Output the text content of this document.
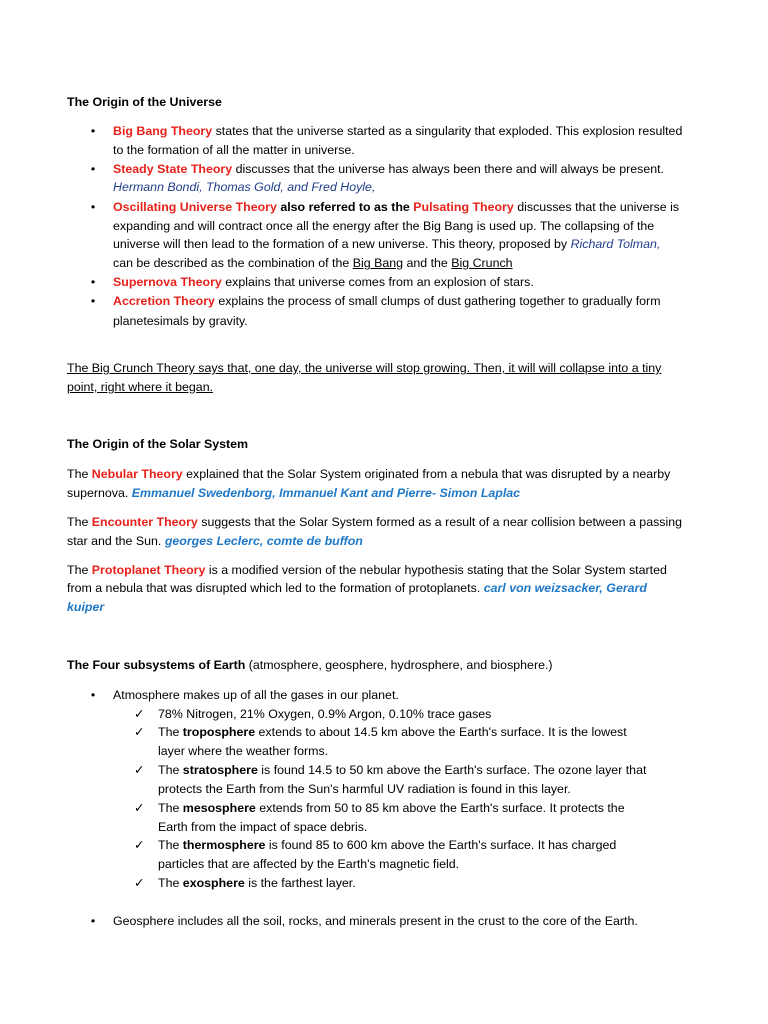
The Origin of the Universe
• Big Bang Theory states that the universe started as a singularity that exploded. This explosion resulted
to the formation of all the matter in universe.
• Steady State Theory discusses that the universe has always been there and will always be present.
Hermann Bondi, Thomas Gold, and Fred Hoyle,
• Oscillating Universe Theory also referred to as the Pulsating Theory discusses that the universe is
expanding and will contract once all the energy after the Big Bang is used up. The collapsing of the
universe will then lead to the formation of a new universe. This theory, proposed by Richard Tolman,
can be described as the combination of the Big Bang and the Big Crunch
• Supernova Theory explains that universe comes from an explosion of stars.
• Accretion Theory explains the process of small clumps of dust gathering together to gradually form
planetesimals by gravity.
The Big Crunch Theory says that, one day, the universe will stop growing. Then, it will will collapse into a tiny
point, right where it began.
The Origin of the Solar System
The Nebular Theory explained that the Solar System originated from a nebula that was disrupted by a nearby
supernova. Emmanuel Swedenborg, Immanuel Kant and Pierre- Simon Laplac
The Encounter Theory suggests that the Solar System formed as a result of a near collision between a passing
star and the Sun. georges Leclerc, comte de buffon
The Protoplanet Theory is a modified version of the nebular hypothesis stating that the Solar System started
from a nebula that was disrupted which led to the formation of protoplanets. carl von weizsacker, Gerard
kuiper
The Four subsystems of Earth (atmosphere, geosphere, hydrosphere, and biosphere.)
• Atmosphere makes up of all the gases in our planet.
✓ 78% Nitrogen, 21% Oxygen, 0.9% Argon, 0.10% trace gases
✓ The troposphere extends to about 14.5 km above the Earth's surface. It is the lowest
layer where the weather forms.
✓ The stratosphere is found 14.5 to 50 km above the Earth's surface. The ozone layer that
protects the Earth from the Sun's harmful UV radiation is found in this layer.
✓ The mesosphere extends from 50 to 85 km above the Earth's surface. It protects the
Earth from the impact of space debris.
✓ The thermosphere is found 85 to 600 km above the Earth's surface. It has charged
particles that are affected by the Earth's magnetic field.
✓ The exosphere is the farthest layer.
• Geosphere includes all the soil, rocks, and minerals present in the crust to the core of the Earth.
